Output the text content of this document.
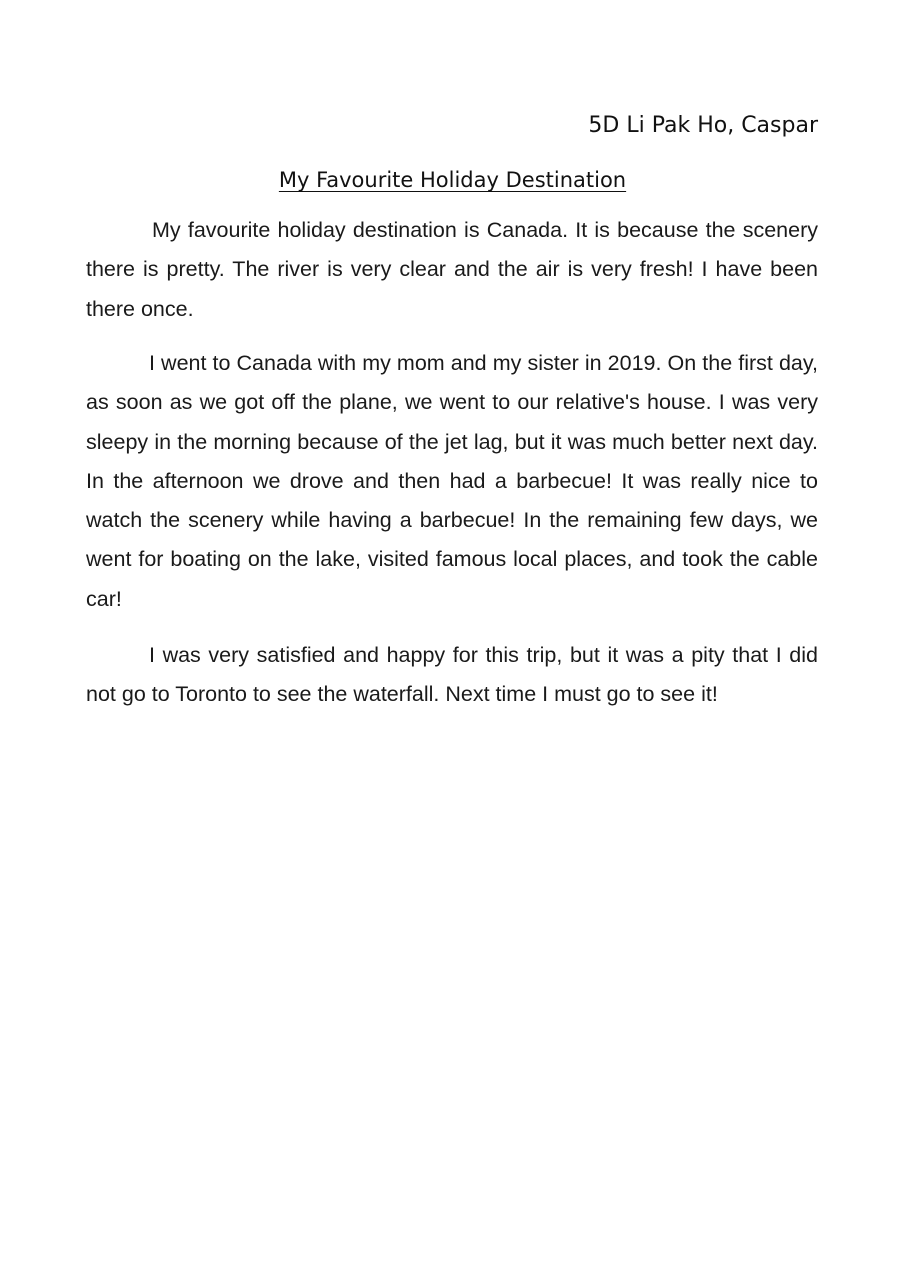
5D Li Pak Ho, Caspar
My Favourite Holiday Destination

My favourite holiday destination is Canada. It is because the scenery there is pretty. The river is very clear and the air is very fresh! I have been there once.

I went to Canada with my mom and my sister in 2019. On the first day, as soon as we got off the plane, we went to our relative's house. I was very sleepy in the morning because of the jet lag, but it was much better next day. In the afternoon we drove and then had a barbecue! It was really nice to watch the scenery while having a barbecue! In the remaining few days, we went for boating on the lake, visited famous local places, and took the cable car!

I was very satisfied and happy for this trip, but it was a pity that I did not go to Toronto to see the waterfall. Next time I must go to see it!
